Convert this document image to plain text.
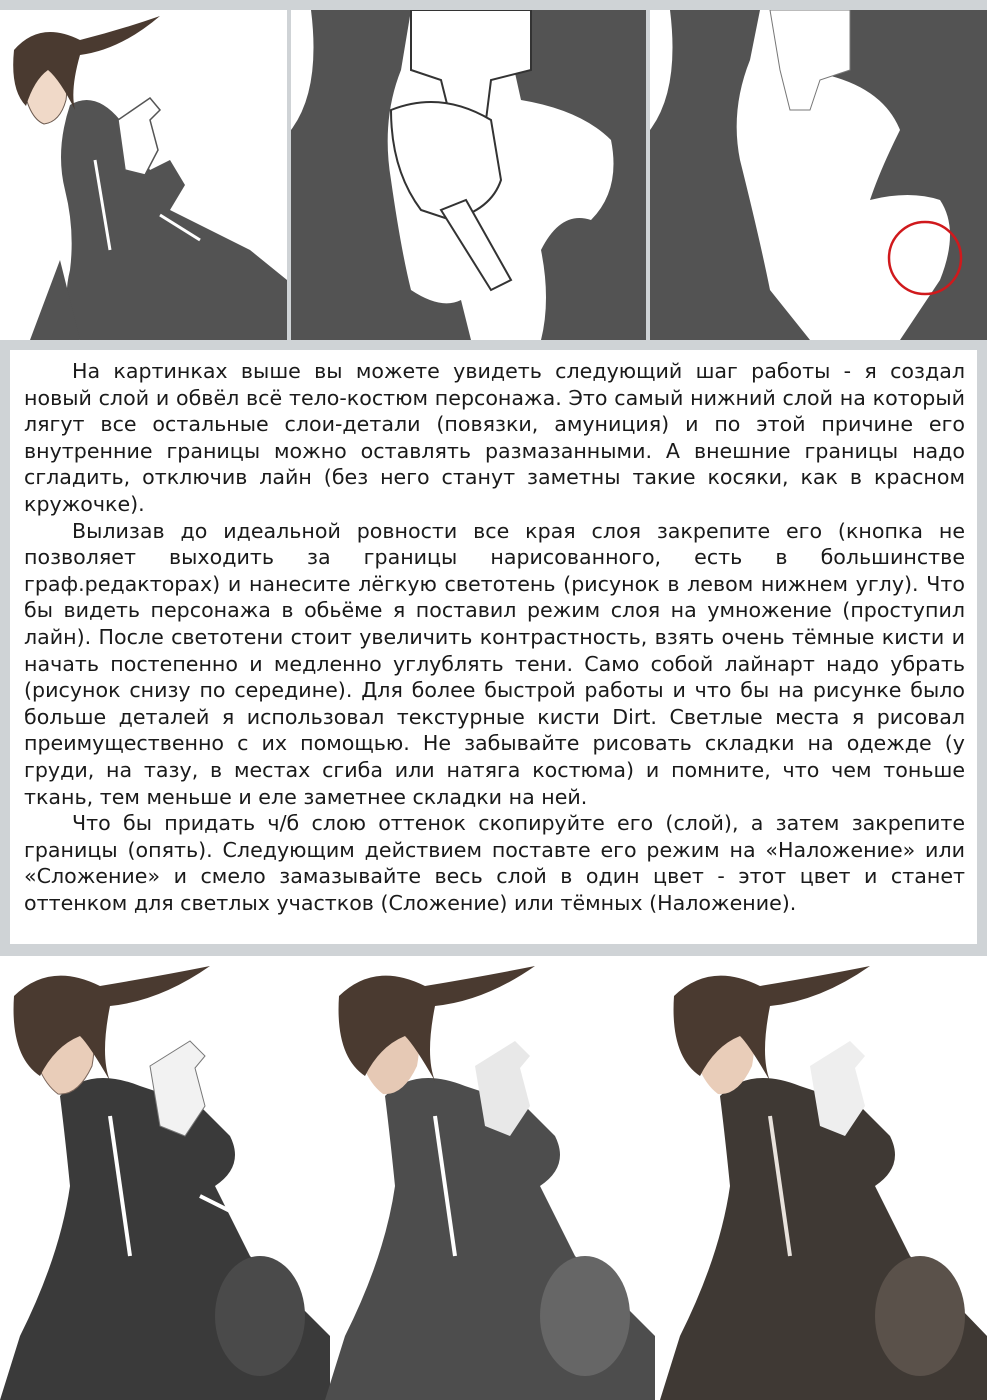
На картинках выше вы можете увидеть следующий шаг работы - я создал новый слой и обвёл всё тело-костюм персонажа. Это самый нижний слой на который лягут все остальные слои-детали (повязки, амуниция) и по этой причине его внутренние границы можно оставлять размазанными. А внешние границы надо сгладить, отключив лайн (без него станут заметны такие косяки, как в красном кружочке).

Вылизав до идеальной ровности все края слоя закрепите его (кнопка не позволяет выходить за границы нарисованного, есть в большинстве граф.редакторах) и нанесите лёгкую светотень (рисунок в левом нижнем углу). Что бы видеть персонажа в обьёме я поставил режим слоя на умножение (проступил лайн). После светотени стоит увеличить контрастность, взять очень тёмные кисти и начать постепенно и медленно углублять тени. Само собой лайнарт надо убрать (рисунок снизу по середине). Для более быстрой работы и что бы на рисунке было больше деталей я использовал текстурные кисти Dirt. Светлые места я рисовал преимущественно с их помощью. Не забывайте рисовать складки на одежде (у груди, на тазу, в местах сгиба или натяга костюма) и помните, что чем тоньше ткань, тем меньше и еле заметнее складки на ней.

Что бы придать ч/б слою оттенок скопируйте его (слой), а затем закрепите границы (опять). Следующим действием поставте его режим на «Наложение» или «Сложение» и смело замазывайте весь слой в один цвет - этот цвет и станет оттенком для светлых участков (Сложение) или тёмных (Наложение).
